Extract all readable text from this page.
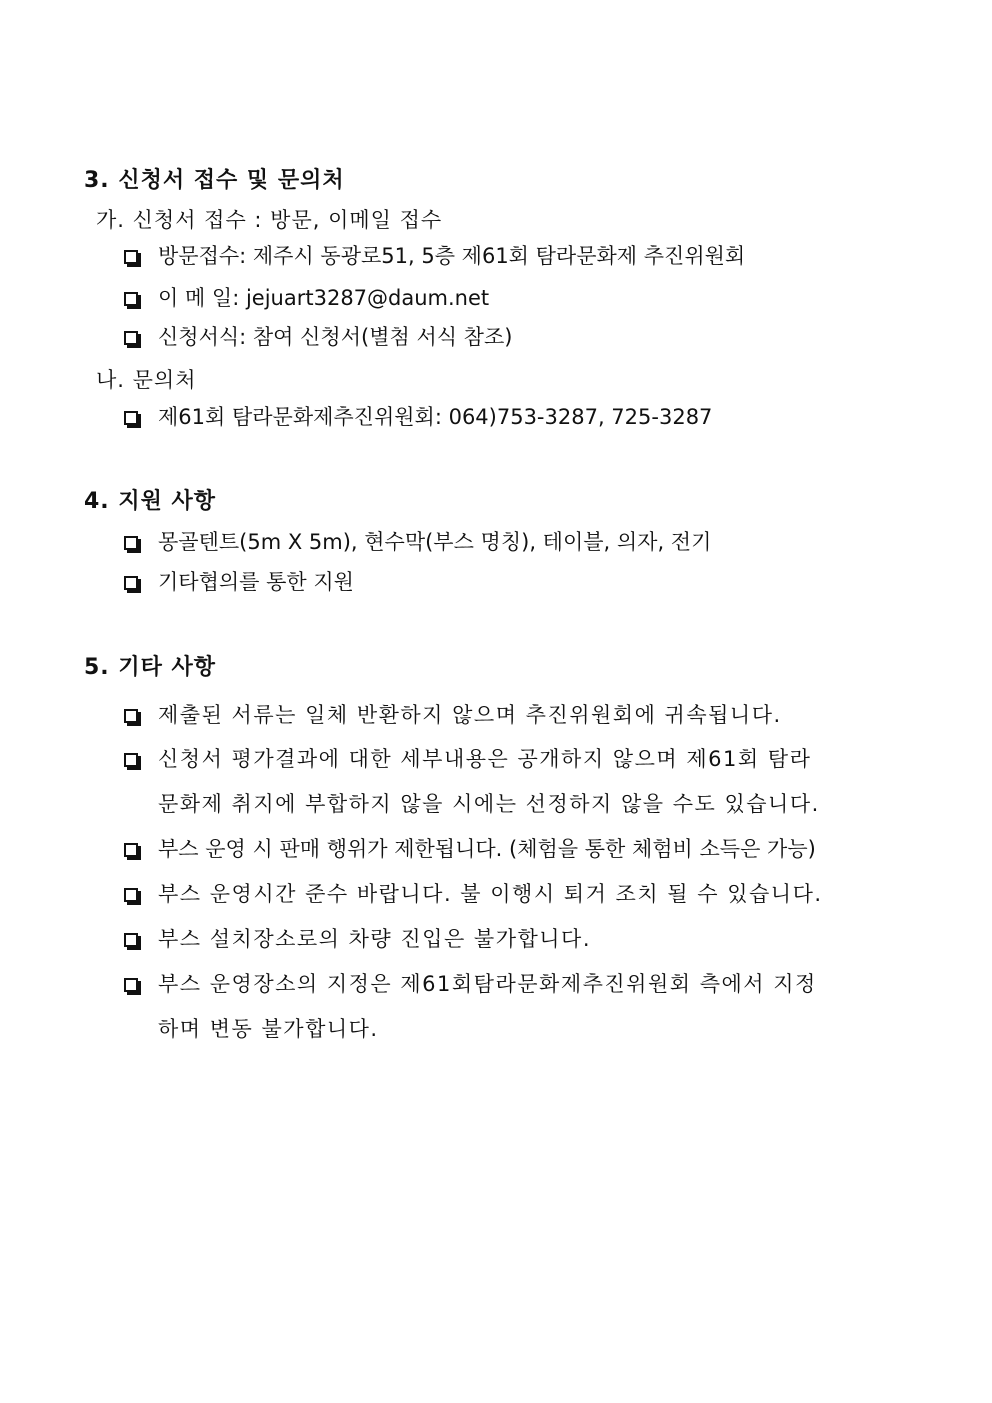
3. 신청서 접수 및 문의처
가. 신청서 접수 : 방문, 이메일 접수
방문접수: 제주시 동광로51, 5층 제61회 탐라문화제 추진위원회
이 메 일: jejuart3287@daum.net
신청서식: 참여 신청서(별첨 서식 참조)
나. 문의처
제61회 탐라문화제추진위원회: 064)753-3287, 725-3287
4. 지원 사항
몽골텐트(5m X 5m), 현수막(부스 명칭), 테이블, 의자, 전기
기타협의를 통한 지원
5. 기타 사항
제출된 서류는 일체 반환하지 않으며 추진위원회에 귀속됩니다.
신청서 평가결과에 대한 세부내용은 공개하지 않으며 제61회 탐라
문화제 취지에 부합하지 않을 시에는 선정하지 않을 수도 있습니다.
부스 운영 시 판매 행위가 제한됩니다. (체험을 통한 체험비 소득은 가능)
부스 운영시간 준수 바랍니다. 불 이행시 퇴거 조치 될 수 있습니다.
부스 설치장소로의 차량 진입은 불가합니다.
부스 운영장소의 지정은 제61회탐라문화제추진위원회 측에서 지정
하며 변동 불가합니다.
